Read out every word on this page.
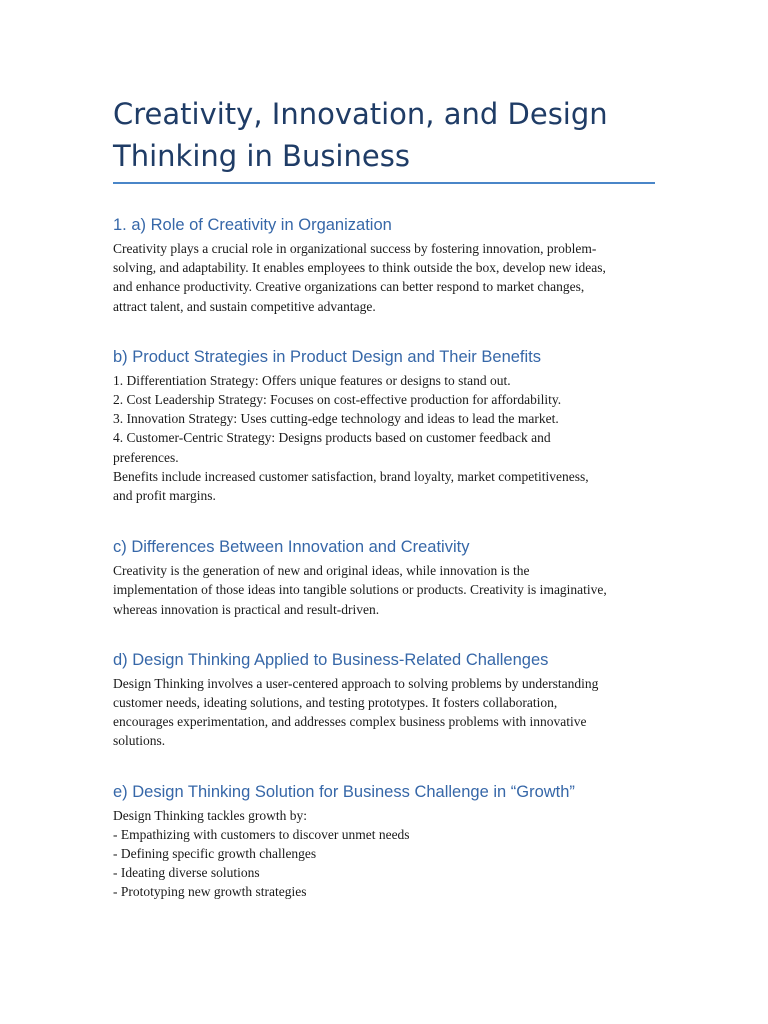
Creativity, Innovation, and Design
Thinking in Business
1. a) Role of Creativity in Organization

Creativity plays a crucial role in organizational success by fostering innovation, problem-
solving, and adaptability. It enables employees to think outside the box, develop new ideas,
and enhance productivity. Creative organizations can better respond to market changes,
attract talent, and sustain competitive advantage.

b) Product Strategies in Product Design and Their Benefits

1. Differentiation Strategy: Offers unique features or designs to stand out.
2. Cost Leadership Strategy: Focuses on cost-effective production for affordability.
3. Innovation Strategy: Uses cutting-edge technology and ideas to lead the market.
4. Customer-Centric Strategy: Designs products based on customer feedback and
preferences.
Benefits include increased customer satisfaction, brand loyalty, market competitiveness,
and profit margins.

c) Differences Between Innovation and Creativity

Creativity is the generation of new and original ideas, while innovation is the
implementation of those ideas into tangible solutions or products. Creativity is imaginative,
whereas innovation is practical and result-driven.

d) Design Thinking Applied to Business-Related Challenges

Design Thinking involves a user-centered approach to solving problems by understanding
customer needs, ideating solutions, and testing prototypes. It fosters collaboration,
encourages experimentation, and addresses complex business problems with innovative
solutions.

e) Design Thinking Solution for Business Challenge in “Growth”

Design Thinking tackles growth by:
- Empathizing with customers to discover unmet needs
- Defining specific growth challenges
- Ideating diverse solutions
- Prototyping new growth strategies
